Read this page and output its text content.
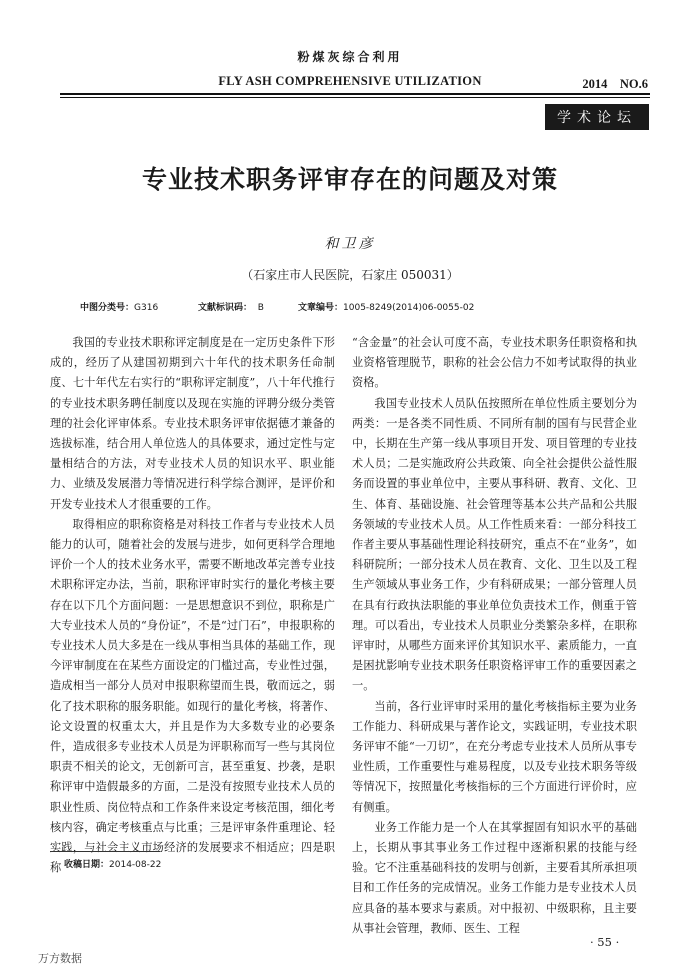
粉煤灰综合利用
FLY ASH COMPREHENSIVE UTILIZATION	2014　NO.6
学术论坛
专业技术职务评审存在的问题及对策
和卫彦
（石家庄市人民医院，石家庄 050031）
中图分类号：G316	文献标识码： B	文章编号：1005-8249(2014)06-0055-02

我国的专业技术职称评定制度是在一定历史条件下形成的，经历了从建国初期到六十年代的技术职务任命制度、七十年代左右实行的“职称评定制度”，八十年代推行的专业技术职务聘任制度以及现在实施的评聘分级分类管理的社会化评审体系。专业技术职务评审依据德才兼备的选拔标准，结合用人单位选人的具体要求，通过定性与定量相结合的方法，对专业技术人员的知识水平、职业能力、业绩及发展潜力等情况进行科学综合测评，是评价和开发专业技术人才很重要的工作。

取得相应的职称资格是对科技工作者与专业技术人员能力的认可，随着社会的发展与进步，如何更科学合理地评价一个人的技术业务水平，需要不断地改革完善专业技术职称评定办法，当前，职称评审时实行的量化考核主要存在以下几个方面问题：一是思想意识不到位，职称是广大专业技术人员的“身份证”，不是“过门石”，申报职称的专业技术人员大多是在一线从事相当具体的基础工作，现今评审制度在在某些方面设定的门槛过高，专业性过强，造成相当一部分人员对申报职称望而生畏，敬而远之，弱化了技术职称的服务职能。如现行的量化考核，将著作、论文设置的权重太大，并且是作为大多数专业的必要条件，造成很多专业技术人员是为评职称而写一些与其岗位职责不相关的论文，无创新可言，甚至重复、抄袭，是职称评审中造假最多的方面，二是没有按照专业技术人员的职业性质、岗位特点和工作条件来设定考核范围，细化考核内容，确定考核重点与比重；三是评审条件重理论、轻实践，与社会主义市场经济的发展要求不相适应；四是职称

“含金量”的社会认可度不高，专业技术职务任职资格和执业资格管理脱节，职称的社会公信力不如考试取得的执业资格。

我国专业技术人员队伍按照所在单位性质主要划分为两类：一是各类不同性质、不同所有制的国有与民营企业中，长期在生产第一线从事项目开发、项目管理的专业技术人员；二是实施政府公共政策、向全社会提供公益性服务而设置的事业单位中，主要从事科研、教育、文化、卫生、体育、基础设施、社会管理等基本公共产品和公共服务领域的专业技术人员。从工作性质来看：一部分科技工作者主要从事基础性理论科技研究，重点不在“业务”，如科研院所；一部分技术人员在教育、文化、卫生以及工程生产领域从事业务工作，少有科研成果；一部分管理人员在具有行政执法职能的事业单位负责技术工作，侧重于管理。可以看出，专业技术人员职业分类繁杂多样，在职称评审时，从哪些方面来评价其知识水平、素质能力，一直是困扰影响专业技术职务任职资格评审工作的重要因素之一。

当前，各行业评审时采用的量化考核指标主要为业务工作能力、科研成果与著作论文，实践证明，专业技术职务评审不能“一刀切”，在充分考虑专业技术人员所从事专业性质，工作重要性与难易程度，以及专业技术职务等级等情况下，按照量化考核指标的三个方面进行评价时，应有侧重。

业务工作能力是一个人在其掌握固有知识水平的基础上，长期从事其事业务工作过程中逐渐积累的技能与经验。它不注重基础科技的发明与创新，主要看其所承担项目和工作任务的完成情况。业务工作能力是专业技术人员应具备的基本要求与素质。对中报初、中级职称，且主要从事社会管理，教师、医生、工程

收稿日期：2014-08-22
· 55 ·
万方数据
